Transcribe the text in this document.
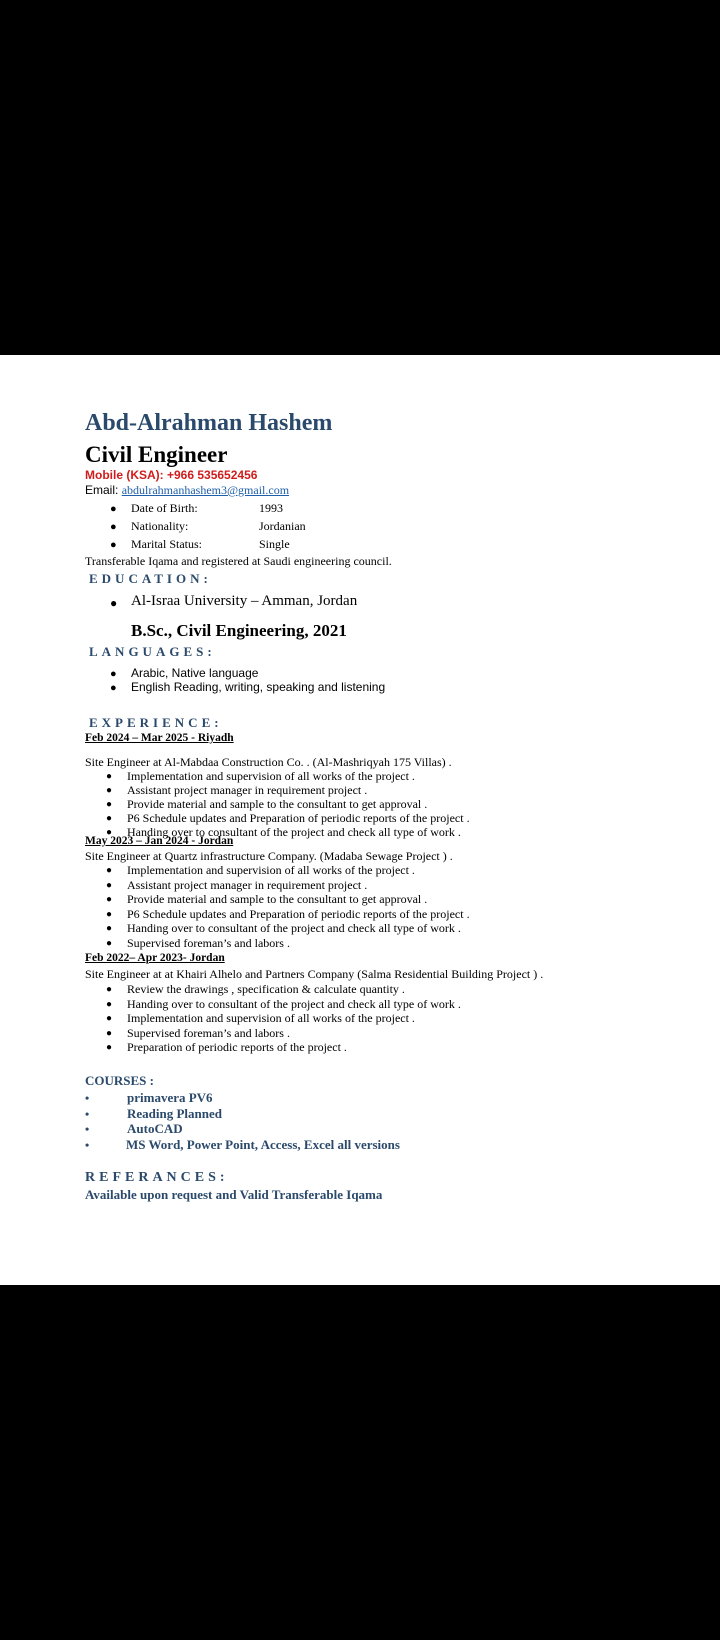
Abd-Alrahman Hashem
Civil Engineer
Mobile (KSA): +966 535652456
Email: abdulrahmanhashem3@gmail.com
● Date of Birth:	1993
● Nationality:	Jordanian
● Marital Status:	Single
Transferable Iqama and registered at Saudi engineering council.
EDUCATION:
● Al-Israa University – Amman, Jordan
B.Sc., Civil Engineering, 2021
LANGUAGES:
● Arabic, Native language
● English Reading, writing, speaking and listening
EXPERIENCE:
Feb 2024 – Mar 2025 - Riyadh
Site Engineer at Al-Mabdaa Construction Co. . (Al-Mashriqyah 175 Villas) .
● Implementation and supervision of all works of the project .
● Assistant project manager in requirement project .
● Provide material and sample to the consultant to get approval .
● P6 Schedule updates and Preparation of periodic reports of the project .
● Handing over to consultant of the project and check all type of work .
May 2023 – Jan 2024 - Jordan
Site Engineer at Quartz infrastructure Company. (Madaba Sewage Project ) .
● Implementation and supervision of all works of the project .
● Assistant project manager in requirement project .
● Provide material and sample to the consultant to get approval .
● P6 Schedule updates and Preparation of periodic reports of the project .
● Handing over to consultant of the project and check all type of work .
● Supervised foreman’s and labors .
Feb 2022– Apr 2023- Jordan
Site Engineer at at Khairi Alhelo and Partners Company (Salma Residential Building Project ) .
● Review the drawings , specification & calculate quantity .
● Handing over to consultant of the project and check all type of work .
● Implementation and supervision of all works of the project .
● Supervised foreman’s and labors .
● Preparation of periodic reports of the project .
COURSES :
•	primavera PV6
•	Reading Planned
•	AutoCAD
•	MS Word, Power Point, Access, Excel all versions
REFERANCES:
Available upon request and Valid Transferable Iqama
